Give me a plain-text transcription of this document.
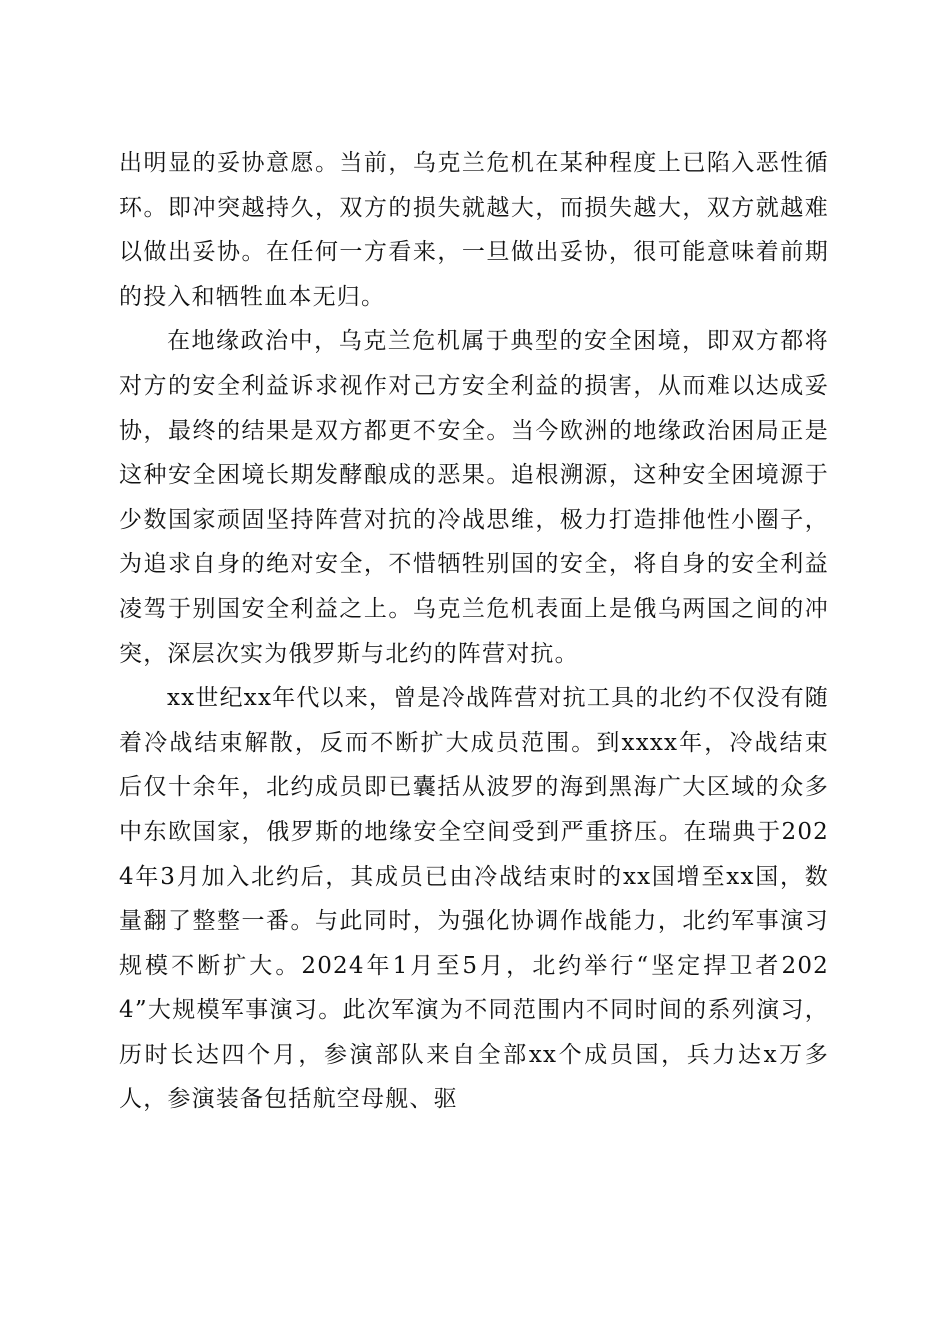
出明显的妥协意愿。当前，乌克兰危机在某种程度上已陷入恶性循环。即冲突越持久，双方的损失就越大，而损失越大，双方就越难以做出妥协。在任何一方看来，一旦做出妥协，很可能意味着前期的投入和牺牲血本无归。

在地缘政治中，乌克兰危机属于典型的安全困境，即双方都将对方的安全利益诉求视作对己方安全利益的损害，从而难以达成妥协，最终的结果是双方都更不安全。当今欧洲的地缘政治困局正是这种安全困境长期发酵酿成的恶果。追根溯源，这种安全困境源于少数国家顽固坚持阵营对抗的冷战思维，极力打造排他性小圈子，为追求自身的绝对安全，不惜牺牲别国的安全，将自身的安全利益凌驾于别国安全利益之上。乌克兰危机表面上是俄乌两国之间的冲突，深层次实为俄罗斯与北约的阵营对抗。

xx世纪xx年代以来，曾是冷战阵营对抗工具的北约不仅没有随着冷战结束解散，反而不断扩大成员范围。到xxxx年，冷战结束后仅十余年，北约成员即已囊括从波罗的海到黑海广大区域的众多中东欧国家，俄罗斯的地缘安全空间受到严重挤压。在瑞典于2024年3月加入北约后，其成员已由冷战结束时的xx国增至xx国，数量翻了整整一番。与此同时，为强化协调作战能力，北约军事演习规模不断扩大。2024年1月至5月，北约举行“坚定捍卫者2024”大规模军事演习。此次军演为不同范围内不同时间的系列演习，历时长达四个月，参演部队来自全部xx个成员国，兵力达x万多人，参演装备包括航空母舰、驱
